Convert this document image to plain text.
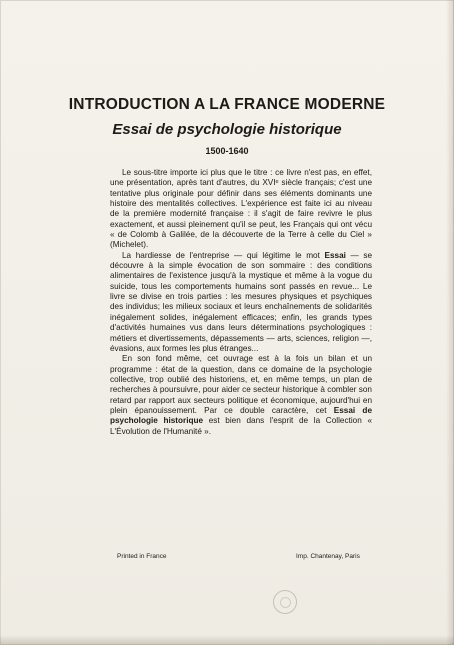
INTRODUCTION A LA FRANCE MODERNE
Essai de psychologie historique
1500-1640

Le sous-titre importe ici plus que le titre : ce livre n'est pas, en effet, une présentation, après tant d'autres, du XVIᵉ siècle français; c'est une tentative plus originale pour définir dans ses éléments dominants une histoire des mentalités collectives. L'expérience est faite ici au niveau de la première modernité française : il s'agit de faire revivre le plus exactement, et aussi pleinement qu'il se peut, les Français qui ont vécu « de Colomb à Galilée, de la découverte de la Terre à celle du Ciel » (Michelet).

La hardiesse de l'entreprise — qui légitime le mot Essai — se découvre à la simple évocation de son sommaire : des conditions alimentaires de l'existence jusqu'à la mystique et même à la vogue du suicide, tous les comportements humains sont passés en revue... Le livre se divise en trois parties : les mesures physiques et psychiques des individus; les milieux sociaux et leurs enchaînements de solidarités inégalement solides, inégalement efficaces; enfin, les grands types d'activités humaines vus dans leurs déterminations psychologiques : métiers et divertissements, dépassements — arts, sciences, religion —, évasions, aux formes les plus étranges...

En son fond même, cet ouvrage est à la fois un bilan et un programme : état de la question, dans ce domaine de la psychologie collective, trop oublié des historiens, et, en même temps, un plan de recherches à poursuivre, pour aider ce secteur historique à combler son retard par rapport aux secteurs politique et économique, aujourd'hui en plein épanouissement. Par ce double caractère, cet Essai de psychologie historique est bien dans l'esprit de la Collection « L'Évolution de l'Humanité ».

Printed in France	Imp. Chantenay, Paris
